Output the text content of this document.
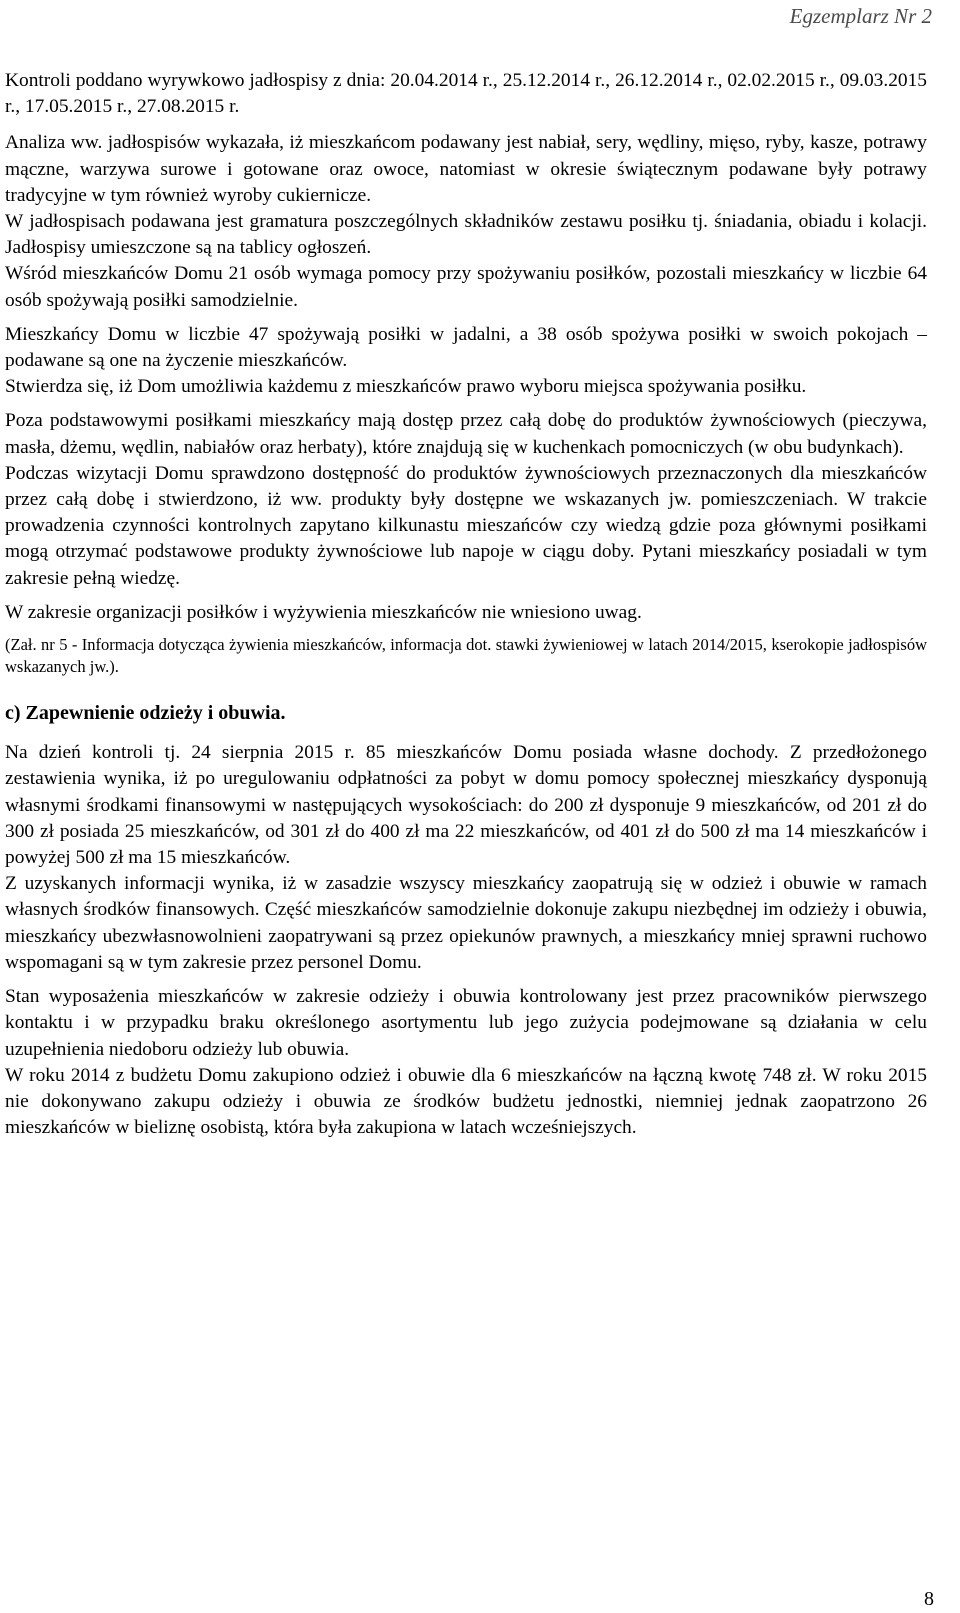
Egzemplarz Nr 2

Kontroli poddano wyrywkowo jadłospisy z dnia: 20.04.2014 r., 25.12.2014 r., 26.12.2014 r., 02.02.2015 r., 09.03.2015 r., 17.05.2015 r., 27.08.2015 r.

Analiza ww. jadłospisów wykazała, iż mieszkańcom podawany jest nabiał, sery, wędliny, mięso, ryby, kasze, potrawy mączne, warzywa surowe i gotowane oraz owoce, natomiast w okresie świątecznym podawane były potrawy tradycyjne w tym również wyroby cukiernicze.

W jadłospisach podawana jest gramatura poszczególnych składników zestawu posiłku tj. śniadania, obiadu i kolacji. Jadłospisy umieszczone są na tablicy ogłoszeń.

Wśród mieszkańców Domu 21 osób wymaga pomocy przy spożywaniu posiłków, pozostali mieszkańcy w liczbie 64 osób spożywają posiłki samodzielnie.

Mieszkańcy Domu w liczbie 47 spożywają posiłki w jadalni, a 38 osób spożywa posiłki w swoich pokojach – podawane są one na życzenie mieszkańców.

Stwierdza się, iż Dom umożliwia każdemu z mieszkańców prawo wyboru miejsca spożywania posiłku.

Poza podstawowymi posiłkami mieszkańcy mają dostęp przez całą dobę do produktów żywnościowych (pieczywa, masła, dżemu, wędlin, nabiałów oraz herbaty), które znajdują się w kuchenkach pomocniczych (w obu budynkach).

Podczas wizytacji Domu sprawdzono dostępność do produktów żywnościowych przeznaczonych dla mieszkańców przez całą dobę i stwierdzono, iż ww. produkty były dostępne we wskazanych jw. pomieszczeniach. W trakcie prowadzenia czynności kontrolnych zapytano kilkunastu mieszańców czy wiedzą gdzie poza głównymi posiłkami mogą otrzymać podstawowe produkty żywnościowe lub napoje w ciągu doby. Pytani mieszkańcy posiadali w tym zakresie pełną wiedzę.

W zakresie organizacji posiłków i wyżywienia mieszkańców nie wniesiono uwag.

(Zał. nr 5 - Informacja dotycząca żywienia mieszkańców, informacja dot. stawki żywieniowej w latach 2014/2015, kserokopie jadłospisów wskazanych jw.).

c) Zapewnienie odzieży i obuwia.

Na dzień kontroli tj. 24 sierpnia 2015 r. 85 mieszkańców Domu posiada własne dochody. Z przedłożonego zestawienia wynika, iż po uregulowaniu odpłatności za pobyt w domu pomocy społecznej mieszkańcy dysponują własnymi środkami finansowymi w następujących wysokościach: do 200 zł dysponuje 9 mieszkańców, od 201 zł do 300 zł posiada 25 mieszkańców, od 301 zł do 400 zł ma 22 mieszkańców, od 401 zł do 500 zł ma 14 mieszkańców i powyżej 500 zł ma 15 mieszkańców.

Z uzyskanych informacji wynika, iż w zasadzie wszyscy mieszkańcy zaopatrują się w odzież i obuwie w ramach własnych środków finansowych. Część mieszkańców samodzielnie dokonuje zakupu niezbędnej im odzieży i obuwia, mieszkańcy ubezwłasnowolnieni zaopatrywani są przez opiekunów prawnych, a mieszkańcy mniej sprawni ruchowo wspomagani są w tym zakresie przez personel Domu.

Stan wyposażenia mieszkańców w zakresie odzieży i obuwia kontrolowany jest przez pracowników pierwszego kontaktu i w przypadku braku określonego asortymentu lub jego zużycia podejmowane są działania w celu uzupełnienia niedoboru odzieży lub obuwia.

W roku 2014 z budżetu Domu zakupiono odzież i obuwie dla 6 mieszkańców na łączną kwotę 748 zł. W roku 2015 nie dokonywano zakupu odzieży i obuwia ze środków budżetu jednostki, niemniej jednak zaopatrzono 26 mieszkańców w bieliznę osobistą, która była zakupiona w latach wcześniejszych.

8
